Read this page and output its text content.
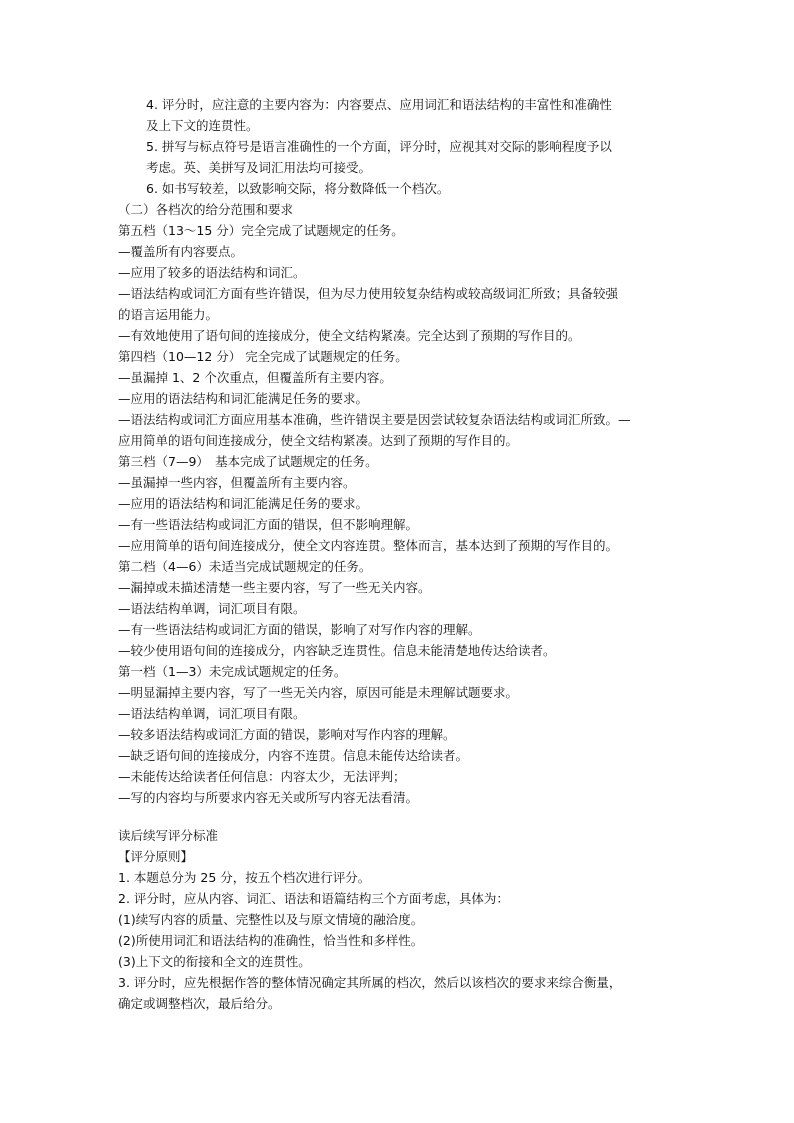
4. 评分时，应注意的主要内容为：内容要点、应用词汇和语法结构的丰富性和准确性
及上下文的连贯性。
5. 拼写与标点符号是语言准确性的一个方面，评分时，应视其对交际的影响程度予以
考虑。英、美拼写及词汇用法均可接受。
6. 如书写较差，以致影响交际，将分数降低一个档次。
（二）各档次的给分范围和要求
第五档（13～15 分）完全完成了试题规定的任务。
—覆盖所有内容要点。
—应用了较多的语法结构和词汇。
—语法结构或词汇方面有些许错误，但为尽力使用较复杂结构或较高级词汇所致；具备较强
的语言运用能力。
—有效地使用了语句间的连接成分，使全文结构紧凑。完全达到了预期的写作目的。
第四档（10—12 分） 完全完成了试题规定的任务。
—虽漏掉 1、2 个次重点，但覆盖所有主要内容。
—应用的语法结构和词汇能满足任务的要求。
—语法结构或词汇方面应用基本准确，些许错误主要是因尝试较复杂语法结构或词汇所致。—
应用简单的语句间连接成分，使全文结构紧凑。达到了预期的写作目的。
第三档（7—9）　基本完成了试题规定的任务。
—虽漏掉一些内容，但覆盖所有主要内容。
—应用的语法结构和词汇能满足任务的要求。
—有一些语法结构或词汇方面的错误，但不影响理解。
—应用简单的语句间连接成分，使全文内容连贯。整体而言，基本达到了预期的写作目的。
第二档（4—6）未适当完成试题规定的任务。
—漏掉或未描述清楚一些主要内容，写了一些无关内容。
—语法结构单调，词汇项目有限。
—有一些语法结构或词汇方面的错误，影响了对写作内容的理解。
—较少使用语句间的连接成分，内容缺乏连贯性。信息未能清楚地传达给读者。
第一档（1—3）未完成试题规定的任务。
—明显漏掉主要内容，写了一些无关内容，原因可能是未理解试题要求。
—语法结构单调，词汇项目有限。
—较多语法结构或词汇方面的错误，影响对写作内容的理解。
—缺乏语句间的连接成分，内容不连贯。信息未能传达给读者。
—未能传达给读者任何信息：内容太少，无法评判；
—写的内容均与所要求内容无关或所写内容无法看清。
读后续写评分标准
【评分原则】
1. 本题总分为 25 分，按五个档次进行评分。
2. 评分时，应从内容、词汇、语法和语篇结构三个方面考虑，具体为：
(1)续写内容的质量、完整性以及与原文情境的融洽度。
(2)所使用词汇和语法结构的准确性，恰当性和多样性。
(3)上下文的衔接和全文的连贯性。
3. 评分时，应先根据作答的整体情况确定其所属的档次，然后以该档次的要求来综合衡量，
确定或调整档次，最后给分。
